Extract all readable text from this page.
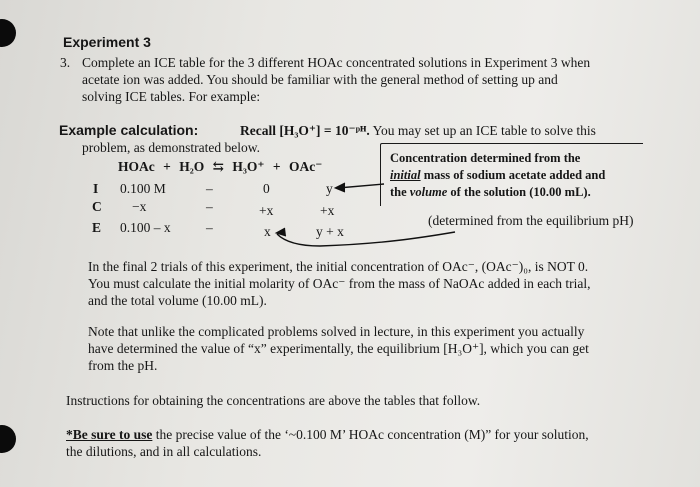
Experiment 3
3. Complete an ICE table for the 3 different HOAc concentrated solutions in Experiment 3 when
acetate ion was added. You should be familiar with the general method of setting up and
solving ICE tables. For example:
Example calculation:	Recall [H₃O⁺] = 10⁻ᵖᴴ. You may set up an ICE table to solve this
problem, as demonstrated below.
HOAc + H₂O ⇆ H₃O⁺ + OAc⁻
I 0.100 M	–	0	y
C −x	–	+x	+x
E 0.100 – x	–	x	y + x
Concentration determined from the
initial mass of sodium acetate added and
the volume of the solution (10.00 mL).
(determined from the equilibrium pH)
In the final 2 trials of this experiment, the initial concentration of OAc⁻, (OAc⁻)₀, is NOT 0.
You must calculate the initial molarity of OAc⁻ from the mass of NaOAc added in each trial,
and the total volume (10.00 mL).
Note that unlike the complicated problems solved in lecture, in this experiment you actually
have determined the value of “x” experimentally, the equilibrium [H₃O⁺], which you can get
from the pH.
Instructions for obtaining the concentrations are above the tables that follow.
*Be sure to use the precise value of the ‘~0.100 M’ HOAc concentration (M)” for your solution,
the dilutions, and in all calculations.
